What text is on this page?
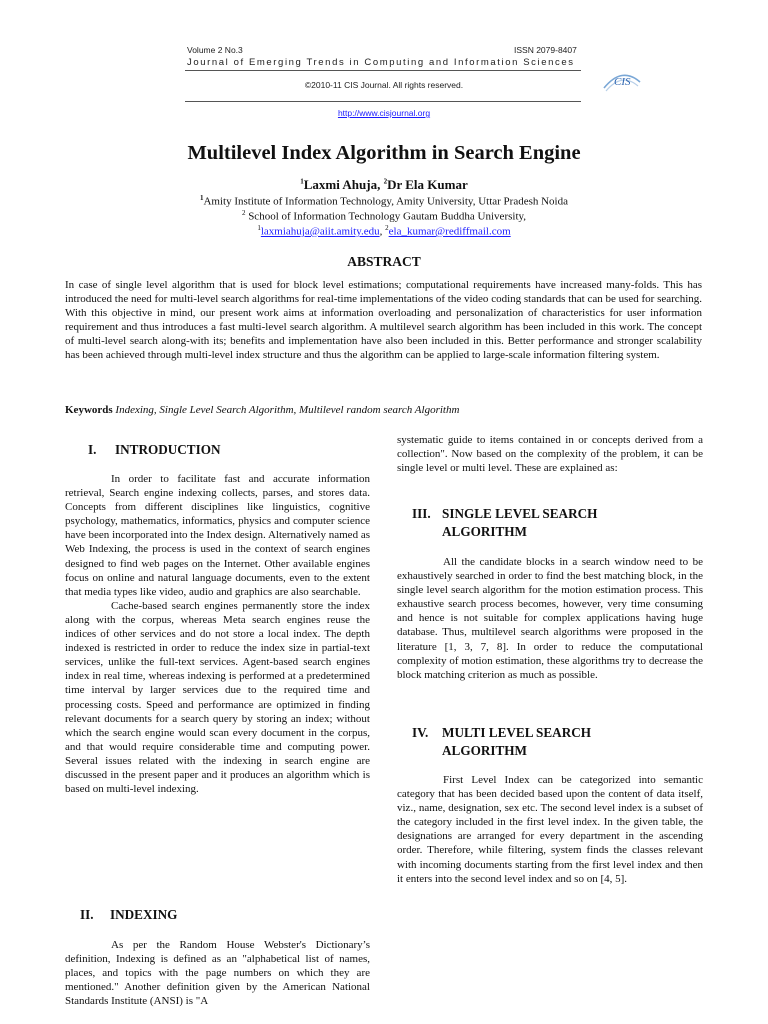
Volume 2 No.3	ISSN 2079-8407
Journal of Emerging Trends in Computing and Information Sciences
©2010-11 CIS Journal. All rights reserved.	CIS
http://www.cisjournal.org
Multilevel Index Algorithm in Search Engine
$^1$Laxmi Ahuja, $^2$Dr Ela Kumar
$^1$Amity Institute of Information Technology, Amity University, Uttar Pradesh Noida
$^2$ School of Information Technology Gautam Buddha University,
$^1$laxmiahuja@aiit.amity.edu, $^2$ela_kumar@rediffmail.com
ABSTRACT

In case of single level algorithm that is used for block level estimations; computational requirements have increased many-folds. This has introduced the need for multi-level search algorithms for real-time implementations of the video coding standards that can be used for searching. With this objective in mind, our present work aims at information overloading and personalization of characteristics for user information requirement and thus introduces a fast multi-level search algorithm. A multilevel search algorithm has been included in this work. The concept of multi-level search along-with its; benefits and implementation have also been included in this. Better performance and stronger scalability has been achieved through multi-level index structure and thus the algorithm can be applied to large-scale information filtering system.

Keywords Indexing, Single Level Search Algorithm, Multilevel random search Algorithm
I. INTRODUCTION

In order to facilitate fast and accurate information retrieval, Search engine indexing collects, parses, and stores data. Concepts from different disciplines like linguistics, cognitive psychology, mathematics, informatics, physics and computer science have been incorporated into the Index design. Alternatively named as Web Indexing, the process is used in the context of search engines designed to find web pages on the Internet. Other available engines focus on online and natural language documents, even to the extent that media types like video, audio and graphics are also searchable.

Cache-based search engines permanently store the index along with the corpus, whereas Meta search engines reuse the indices of other services and do not store a local index. The depth indexed is restricted in order to reduce the index size in partial-text services, unlike the full-text services. Agent-based search engines index in real time, whereas indexing is performed at a predetermined time interval by larger services due to the required time and processing costs. Speed and performance are optimized in finding relevant documents for a search query by storing an index; without which the search engine would scan every document in the corpus, and that would require considerable time and computing power. Several issues related with the indexing in search engine are discussed in the present paper and it produces an algorithm which is based on multi-level indexing.

II. INDEXING

As per the Random House Webster's Dictionary’s definition, Indexing is defined as an "alphabetical list of names, places, and topics with the page numbers on which they are mentioned." Another definition given by the American National Standards Institute (ANSI) is "A

systematic guide to items contained in or concepts derived from a collection". Now based on the complexity of the problem, it can be single level or multi level. These are explained as:

III. SINGLE LEVEL SEARCH
ALGORITHM

All the candidate blocks in a search window need to be exhaustively searched in order to find the best matching block, in the single level search algorithm for the motion estimation process. This exhaustive search process becomes, however, very time consuming and hence is not suitable for complex applications having huge database. Thus, multilevel search algorithms were proposed in the literature [1, 3, 7, 8]. In order to reduce the computational complexity of motion estimation, these algorithms try to decrease the block matching criterion as much as possible.

IV. MULTI LEVEL SEARCH
ALGORITHM

First Level Index can be categorized into semantic category that has been decided based upon the content of data itself, viz., name, designation, sex etc. The second level index is a subset of the category included in the first level index. In the given table, the designations are arranged for every department in the ascending order. Therefore, while filtering, system finds the classes relevant with incoming documents starting from the first level index and then it enters into the second level index and so on [4, 5].
